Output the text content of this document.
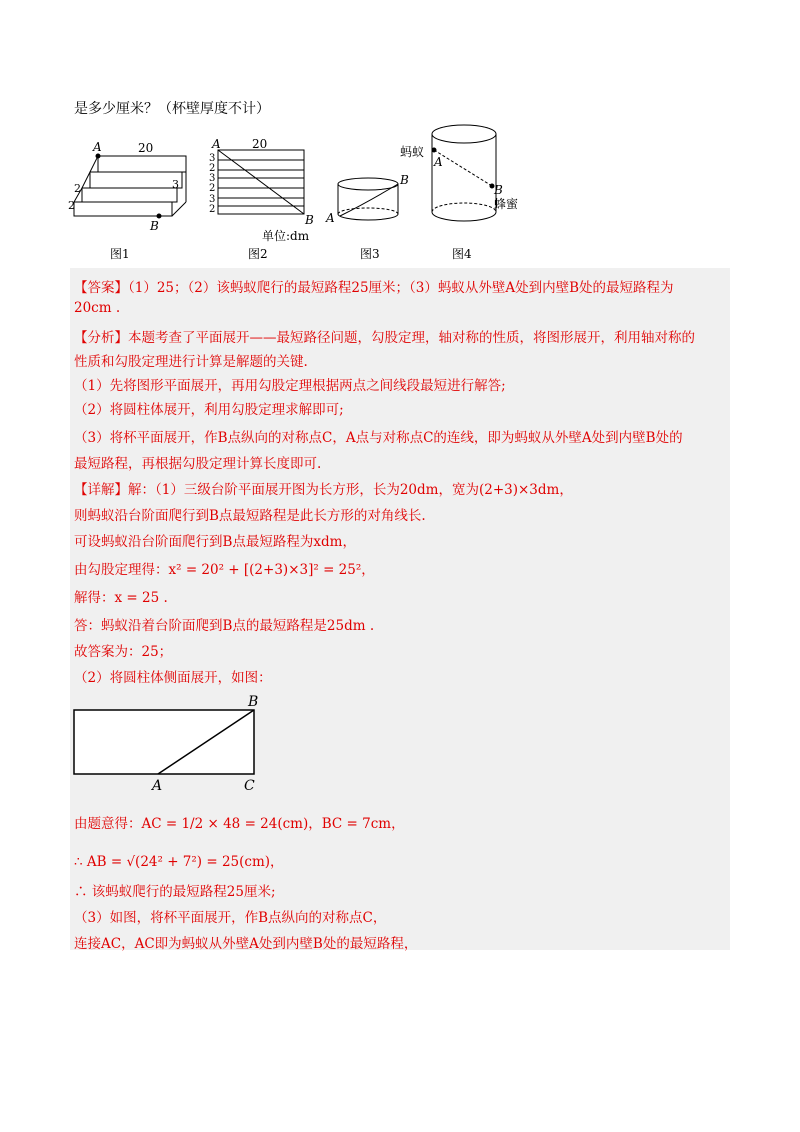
是多少厘米？（杯壁厚度不计）
A
B
20
2
2
3
图1
A	20
3
2
3
2
3
2
B
单位:dm
图2
B
A
图3
蚂蚁
A
B
蜂蜜
图4
【答案】（1）25；（2）该蚂蚁爬行的最短路程25厘米；（3）蚂蚁从外壁A处到内壁B处的最短路程为
20cm .
【分析】本题考查了平面展开——最短路径问题，勾股定理，轴对称的性质，将图形展开，利用轴对称的
性质和勾股定理进行计算是解题的关键.
（1）先将图形平面展开，再用勾股定理根据两点之间线段最短进行解答;
（2）将圆柱体展开，利用勾股定理求解即可;
（3）将杯平面展开，作B点纵向的对称点C，A点与对称点C的连线，即为蚂蚁从外壁A处到内壁B处的
最短路程，再根据勾股定理计算长度即可.
【详解】解：（1）三级台阶平面展开图为长方形，长为20dm，宽为(2+3)×3dm，
则蚂蚁沿台阶面爬行到B点最短路程是此长方形的对角线长.
可设蚂蚁沿台阶面爬行到B点最短路程为xdm，
由勾股定理得：x² = 20² + [(2+3)×3]² = 25²，
解得：x = 25 .
答：蚂蚁沿着台阶面爬到B点的最短路程是25dm .
故答案为：25；
（2）将圆柱体侧面展开，如图：
B
A	C
由题意得：AC = 1/2 × 48 = 24(cm)，BC = 7cm，
∴ AB = √(24² + 7²) = 25(cm)，
∴ 该蚂蚁爬行的最短路程25厘米;
（3）如图，将杯平面展开，作B点纵向的对称点C，
连接AC，AC即为蚂蚁从外壁A处到内壁B处的最短路程，
